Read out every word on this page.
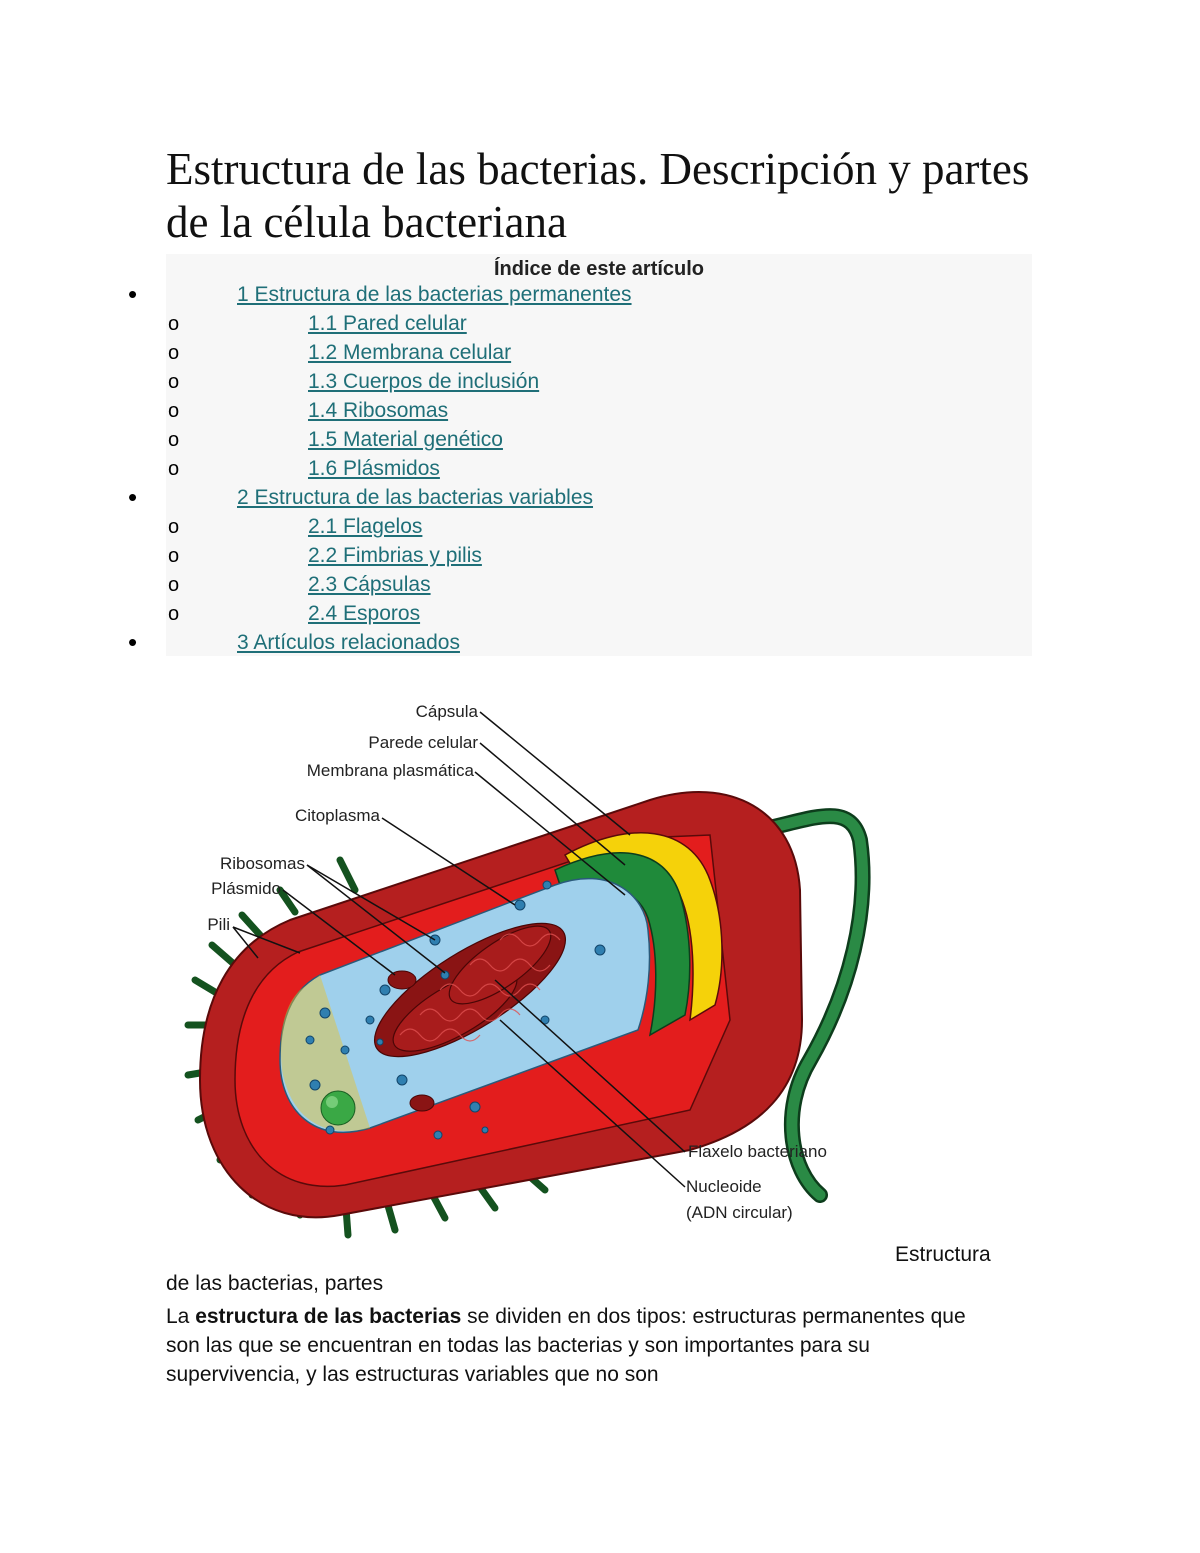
Estructura de las bacterias. Descripción y partes de la célula bacteriana
Índice de este artículo
•	1 Estructura de las bacterias permanentes
o	1.1 Pared celular
o	1.2 Membrana celular
o	1.3 Cuerpos de inclusión
o	1.4 Ribosomas
o	1.5 Material genético
o	1.6 Plásmidos
•	2 Estructura de las bacterias variables
o	2.1 Flagelos
o	2.2 Fimbrias y pilis
o	2.3 Cápsulas
o	2.4 Esporos
•	3 Artículos relacionados
Cápsula
Parede celular
Membrana plasmática
Citoplasma
Ribosomas
Plásmido
Pili
Flaxelo bacteriano
Nucleoide
(ADN circular)
Estructura
de las bacterias, partes

La estructura de las bacterias se dividen en dos tipos: estructuras permanentes que son las que se encuentran en todas las bacterias y son importantes para su supervivencia, y las estructuras variables que no son
